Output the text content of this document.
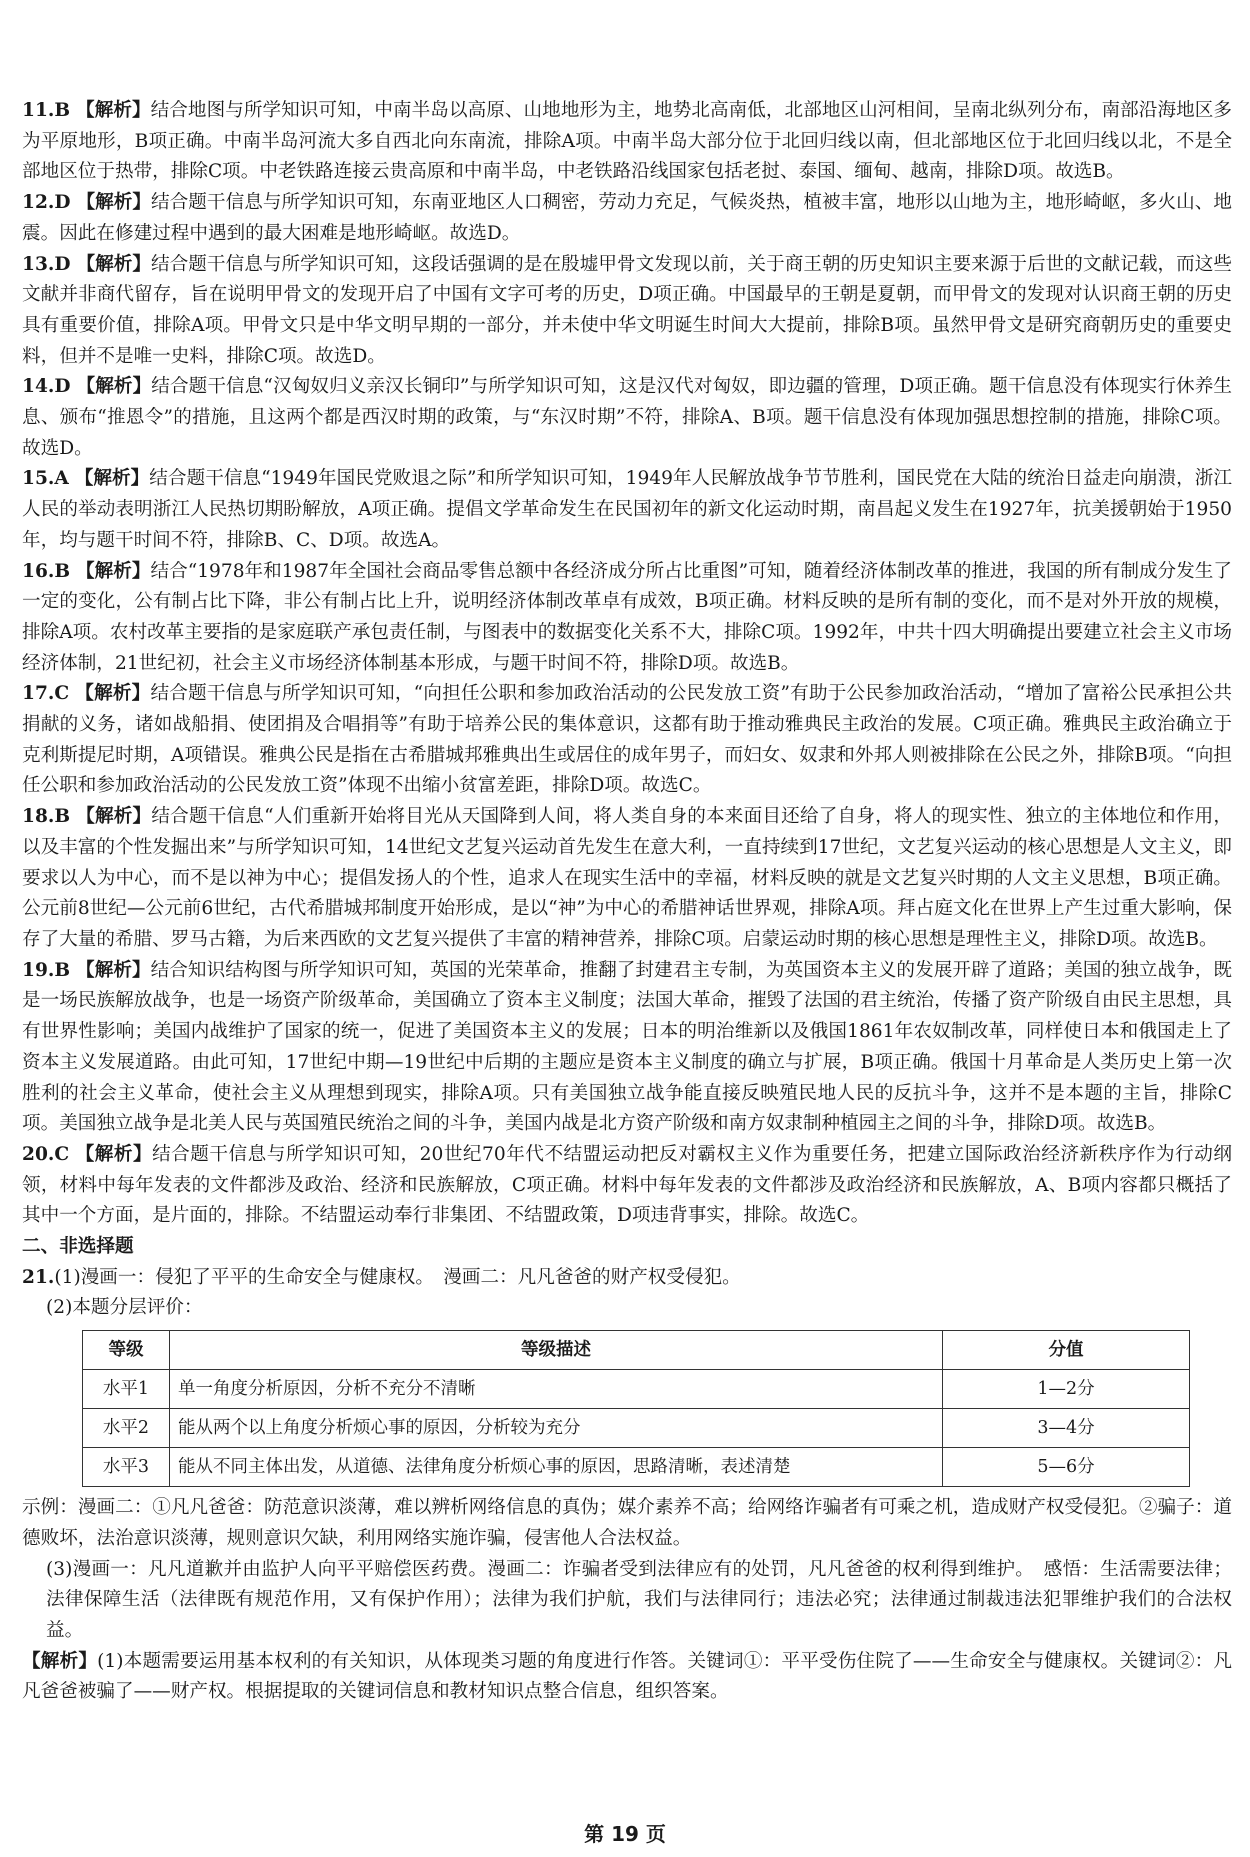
11.B 【解析】结合地图与所学知识可知，中南半岛以高原、山地地形为主，地势北高南低，北部地区山河相间，呈南北纵列分布，南部沿海地区多为平原地形，B项正确。中南半岛河流大多自西北向东南流，排除A项。中南半岛大部分位于北回归线以南，但北部地区位于北回归线以北，不是全部地区位于热带，排除C项。中老铁路连接云贵高原和中南半岛，中老铁路沿线国家包括老挝、泰国、缅甸、越南，排除D项。故选B。

12.D 【解析】结合题干信息与所学知识可知，东南亚地区人口稠密，劳动力充足，气候炎热，植被丰富，地形以山地为主，地形崎岖，多火山、地震。因此在修建过程中遇到的最大困难是地形崎岖。故选D。

13.D 【解析】结合题干信息与所学知识可知，这段话强调的是在殷墟甲骨文发现以前，关于商王朝的历史知识主要来源于后世的文献记载，而这些文献并非商代留存，旨在说明甲骨文的发现开启了中国有文字可考的历史，D项正确。中国最早的王朝是夏朝，而甲骨文的发现对认识商王朝的历史具有重要价值，排除A项。甲骨文只是中华文明早期的一部分，并未使中华文明诞生时间大大提前，排除B项。虽然甲骨文是研究商朝历史的重要史料，但并不是唯一史料，排除C项。故选D。

14.D 【解析】结合题干信息“汉匈奴归义亲汉长铜印”与所学知识可知，这是汉代对匈奴，即边疆的管理，D项正确。题干信息没有体现实行休养生息、颁布“推恩令”的措施，且这两个都是西汉时期的政策，与“东汉时期”不符，排除A、B项。题干信息没有体现加强思想控制的措施，排除C项。故选D。

15.A 【解析】结合题干信息“1949年国民党败退之际”和所学知识可知，1949年人民解放战争节节胜利，国民党在大陆的统治日益走向崩溃，浙江人民的举动表明浙江人民热切期盼解放，A项正确。提倡文学革命发生在民国初年的新文化运动时期，南昌起义发生在1927年，抗美援朝始于1950年，均与题干时间不符，排除B、C、D项。故选A。

16.B 【解析】结合“1978年和1987年全国社会商品零售总额中各经济成分所占比重图”可知，随着经济体制改革的推进，我国的所有制成分发生了一定的变化，公有制占比下降，非公有制占比上升，说明经济体制改革卓有成效，B项正确。材料反映的是所有制的变化，而不是对外开放的规模，排除A项。农村改革主要指的是家庭联产承包责任制，与图表中的数据变化关系不大，排除C项。1992年，中共十四大明确提出要建立社会主义市场经济体制，21世纪初，社会主义市场经济体制基本形成，与题干时间不符，排除D项。故选B。

17.C 【解析】结合题干信息与所学知识可知，“向担任公职和参加政治活动的公民发放工资”有助于公民参加政治活动，“增加了富裕公民承担公共捐献的义务，诸如战船捐、使团捐及合唱捐等”有助于培养公民的集体意识，这都有助于推动雅典民主政治的发展。C项正确。雅典民主政治确立于克利斯提尼时期，A项错误。雅典公民是指在古希腊城邦雅典出生或居住的成年男子，而妇女、奴隶和外邦人则被排除在公民之外，排除B项。“向担任公职和参加政治活动的公民发放工资”体现不出缩小贫富差距，排除D项。故选C。

18.B 【解析】结合题干信息“人们重新开始将目光从天国降到人间，将人类自身的本来面目还给了自身，将人的现实性、独立的主体地位和作用，以及丰富的个性发掘出来”与所学知识可知，14世纪文艺复兴运动首先发生在意大利，一直持续到17世纪，文艺复兴运动的核心思想是人文主义，即要求以人为中心，而不是以神为中心；提倡发扬人的个性，追求人在现实生活中的幸福，材料反映的就是文艺复兴时期的人文主义思想，B项正确。公元前8世纪—公元前6世纪，古代希腊城邦制度开始形成，是以“神”为中心的希腊神话世界观，排除A项。拜占庭文化在世界上产生过重大影响，保存了大量的希腊、罗马古籍，为后来西欧的文艺复兴提供了丰富的精神营养，排除C项。启蒙运动时期的核心思想是理性主义，排除D项。故选B。

19.B 【解析】结合知识结构图与所学知识可知，英国的光荣革命，推翻了封建君主专制，为英国资本主义的发展开辟了道路；美国的独立战争，既是一场民族解放战争，也是一场资产阶级革命，美国确立了资本主义制度；法国大革命，摧毁了法国的君主统治，传播了资产阶级自由民主思想，具有世界性影响；美国内战维护了国家的统一，促进了美国资本主义的发展；日本的明治维新以及俄国1861年农奴制改革，同样使日本和俄国走上了资本主义发展道路。由此可知，17世纪中期—19世纪中后期的主题应是资本主义制度的确立与扩展，B项正确。俄国十月革命是人类历史上第一次胜利的社会主义革命，使社会主义从理想到现实，排除A项。只有美国独立战争能直接反映殖民地人民的反抗斗争，这并不是本题的主旨，排除C项。美国独立战争是北美人民与英国殖民统治之间的斗争，美国内战是北方资产阶级和南方奴隶制种植园主之间的斗争，排除D项。故选B。

20.C 【解析】结合题干信息与所学知识可知，20世纪70年代不结盟运动把反对霸权主义作为重要任务，把建立国际政治经济新秩序作为行动纲领，材料中每年发表的文件都涉及政治、经济和民族解放，C项正确。材料中每年发表的文件都涉及政治经济和民族解放，A、B项内容都只概括了其中一个方面，是片面的，排除。不结盟运动奉行非集团、不结盟政策，D项违背事实，排除。故选C。

二、非选择题

21.(1)漫画一：侵犯了平平的生命安全与健康权。　漫画二：凡凡爸爸的财产权受侵犯。

(2)本题分层评价：

等级	等级描述	分值
水平1	单一角度分析原因，分析不充分不清晰	1—2分
水平2	能从两个以上角度分析烦心事的原因，分析较为充分	3—4分
水平3	能从不同主体出发，从道德、法律角度分析烦心事的原因，思路清晰，表述清楚	5—6分

示例：漫画二：①凡凡爸爸：防范意识淡薄，难以辨析网络信息的真伪；媒介素养不高；给网络诈骗者有可乘之机，造成财产权受侵犯。②骗子：道德败坏，法治意识淡薄，规则意识欠缺，利用网络实施诈骗，侵害他人合法权益。

(3)漫画一：凡凡道歉并由监护人向平平赔偿医药费。漫画二：诈骗者受到法律应有的处罚，凡凡爸爸的权利得到维护。　感悟：生活需要法律；法律保障生活（法律既有规范作用，又有保护作用）；法律为我们护航，我们与法律同行；违法必究；法律通过制裁违法犯罪维护我们的合法权益。

【解析】(1)本题需要运用基本权利的有关知识，从体现类习题的角度进行作答。关键词①：平平受伤住院了——生命安全与健康权。关键词②：凡凡爸爸被骗了——财产权。根据提取的关键词信息和教材知识点整合信息，组织答案。

第 19 页
